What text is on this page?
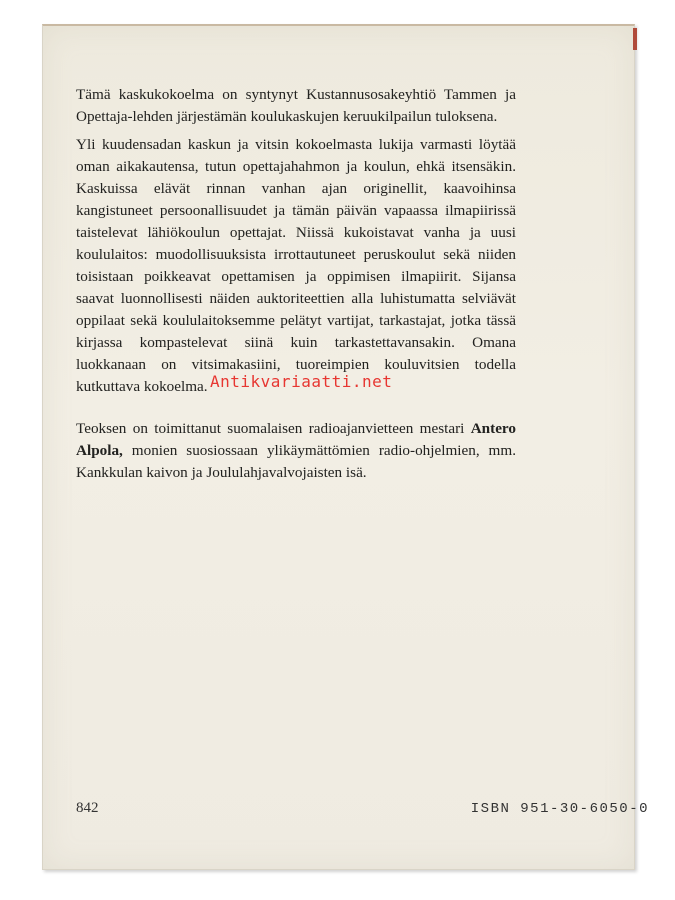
Tämä kaskukokoelma on syntynyt Kustannusosakeyhtiö Tammen ja Opettaja-lehden järjestämän koulukaskujen keruukilpailun tuloksena.

Yli kuudensadan kaskun ja vitsin kokoelmasta lukija varmasti löytää oman aikakautensa, tutun opettajahahmon ja koulun, ehkä itsensäkin. Kaskuissa elävät rinnan vanhan ajan originellit, kaavoihinsa kangistuneet persoonallisuudet ja tämän päivän vapaassa ilmapiirissä taistelevat lähiökoulun opettajat. Niissä kukoistavat vanha ja uusi koululaitos: muodollisuuksista irrottautuneet peruskoulut sekä niiden toisistaan poikkeavat opettamisen ja oppimisen ilmapiirit. Sijansa saavat luonnollisesti näiden auktoriteettien alla luhistumatta selviävät oppilaat sekä koululaitoksemme pelätyt vartijat, tarkastajat, jotka tässä kirjassa kompastelevat siinä kuin tarkastettavansakin. Omana luokkanaan on vitsimakasiini, tuoreimpien kouluvitsien todella kutkuttava kokoelma.

Teoksen on toimittanut suomalaisen radioajanvietteen mestari Antero Alpola, monien suosiossaan ylikäymättömien radio-ohjelmien, mm. Kankkulan kaivon ja Joululahjavalvojaisten isä.

Antikvariaatti.net
842	ISBN 951-30-6050-0
